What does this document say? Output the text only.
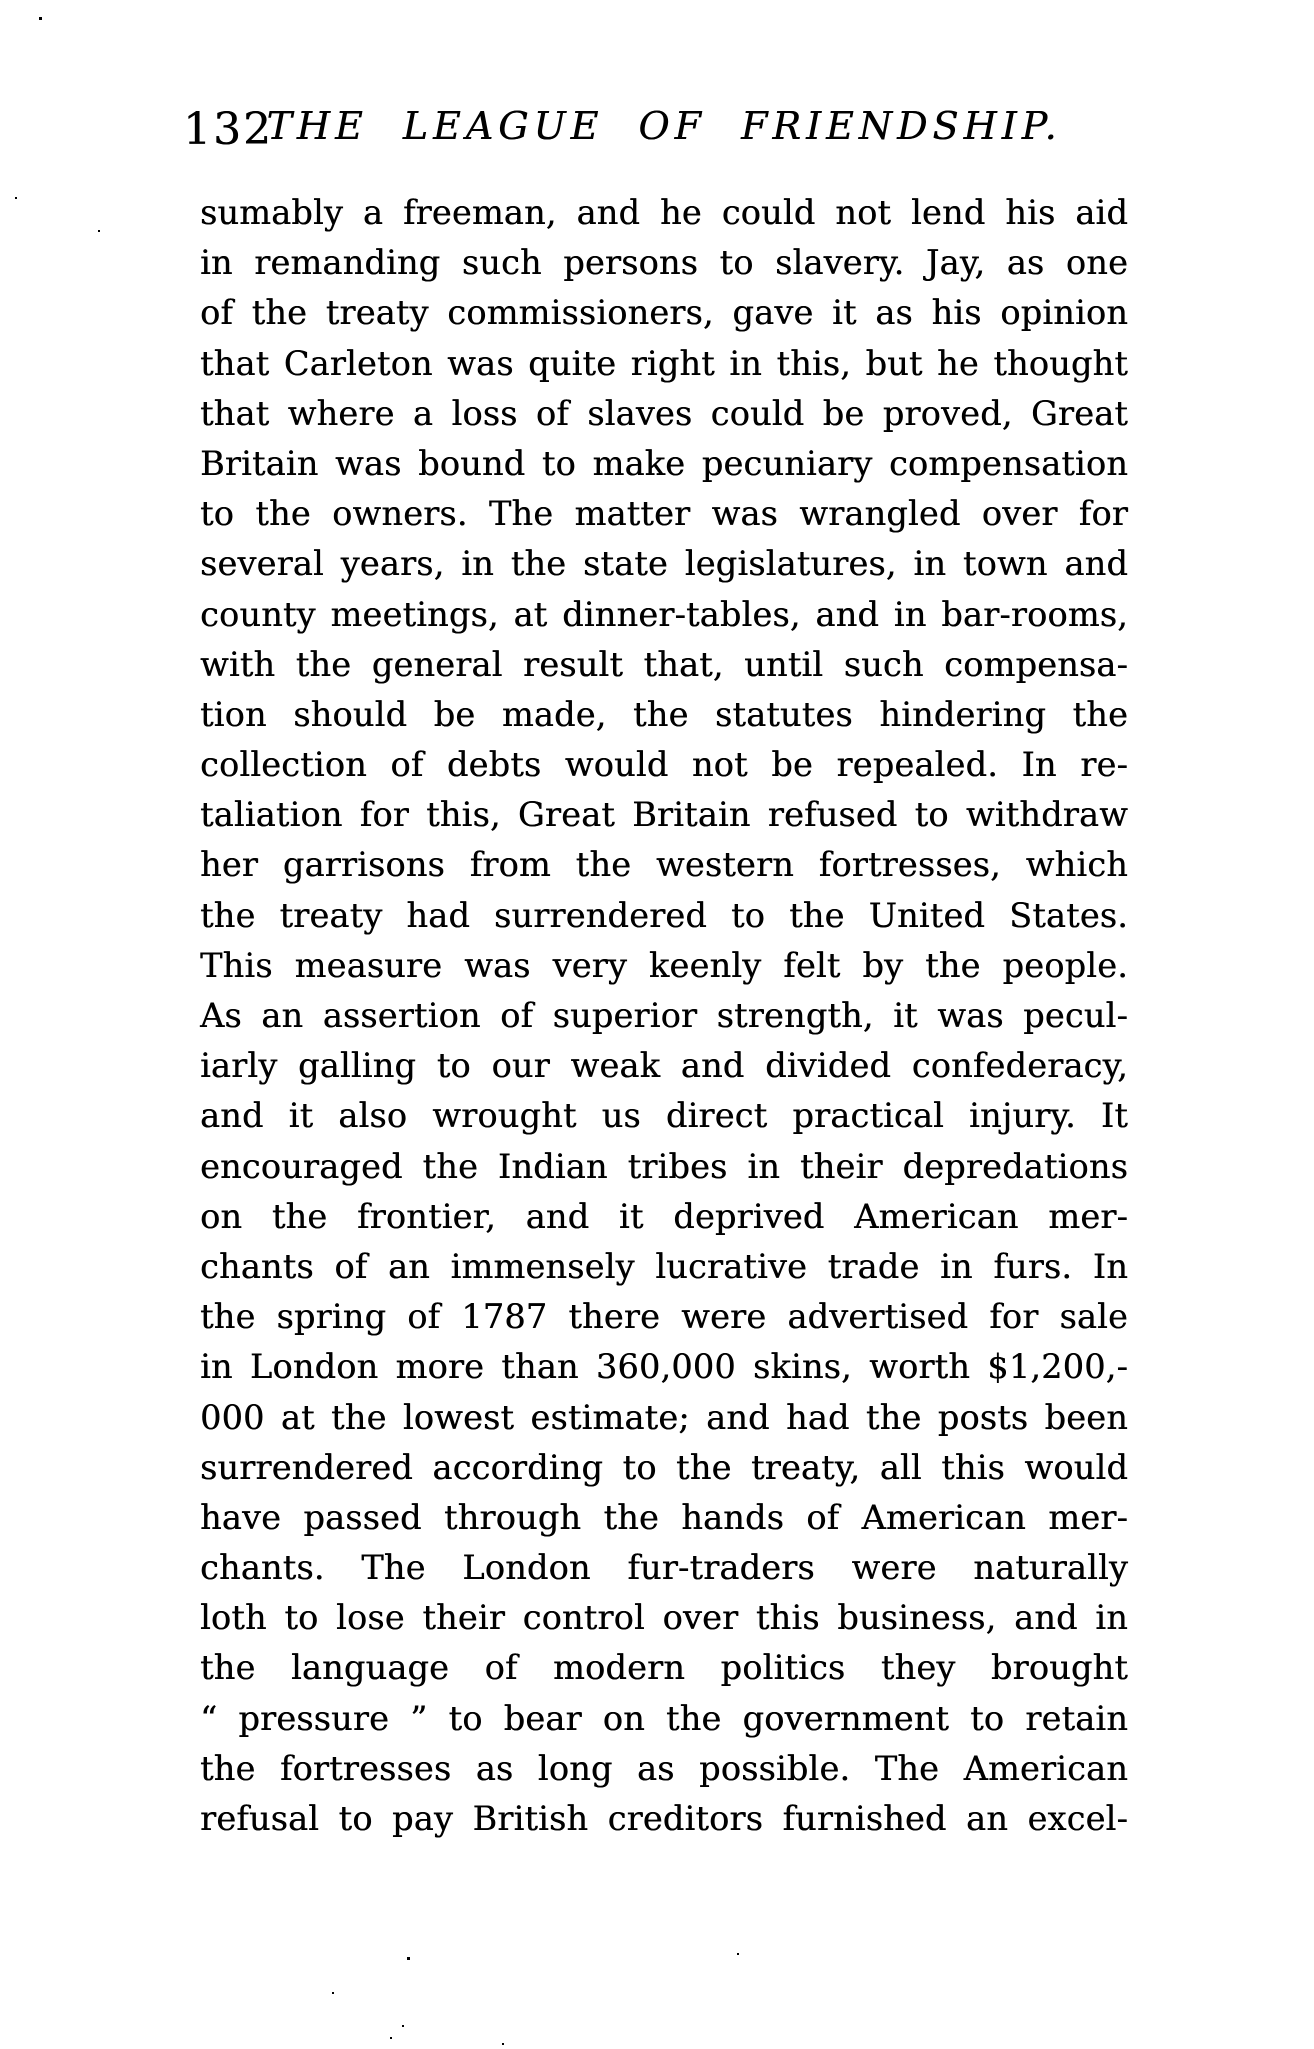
132
THE LEAGUE OF FRIENDSHIP.
sumably a freeman, and he could not lend his aid
in remanding such persons to slavery. Jay, as one
of the treaty commissioners, gave it as his opinion
that Carleton was quite right in this, but he thought
that where a loss of slaves could be proved, Great
Britain was bound to make pecuniary compensation
to the owners. The matter was wrangled over for
several years, in the state legislatures, in town and
county meetings, at dinner-tables, and in bar-rooms,
with the general result that, until such compensa-
tion should be made, the statutes hindering the
collection of debts would not be repealed. In re-
taliation for this, Great Britain refused to withdraw
her garrisons from the western fortresses, which
the treaty had surrendered to the United States.
This measure was very keenly felt by the people.
As an assertion of superior strength, it was pecul-
iarly galling to our weak and divided confederacy,
and it also wrought us direct practical injury. It
encouraged the Indian tribes in their depredations
on the frontier, and it deprived American mer-
chants of an immensely lucrative trade in furs. In
the spring of 1787 there were advertised for sale
in London more than 360,000 skins, worth $1,200,-
000 at the lowest estimate; and had the posts been
surrendered according to the treaty, all this would
have passed through the hands of American mer-
chants. The London fur-traders were naturally
loth to lose their control over this business, and in
the language of modern politics they brought
“ pressure ” to bear on the government to retain
the fortresses as long as possible. The American
refusal to pay British creditors furnished an excel-
